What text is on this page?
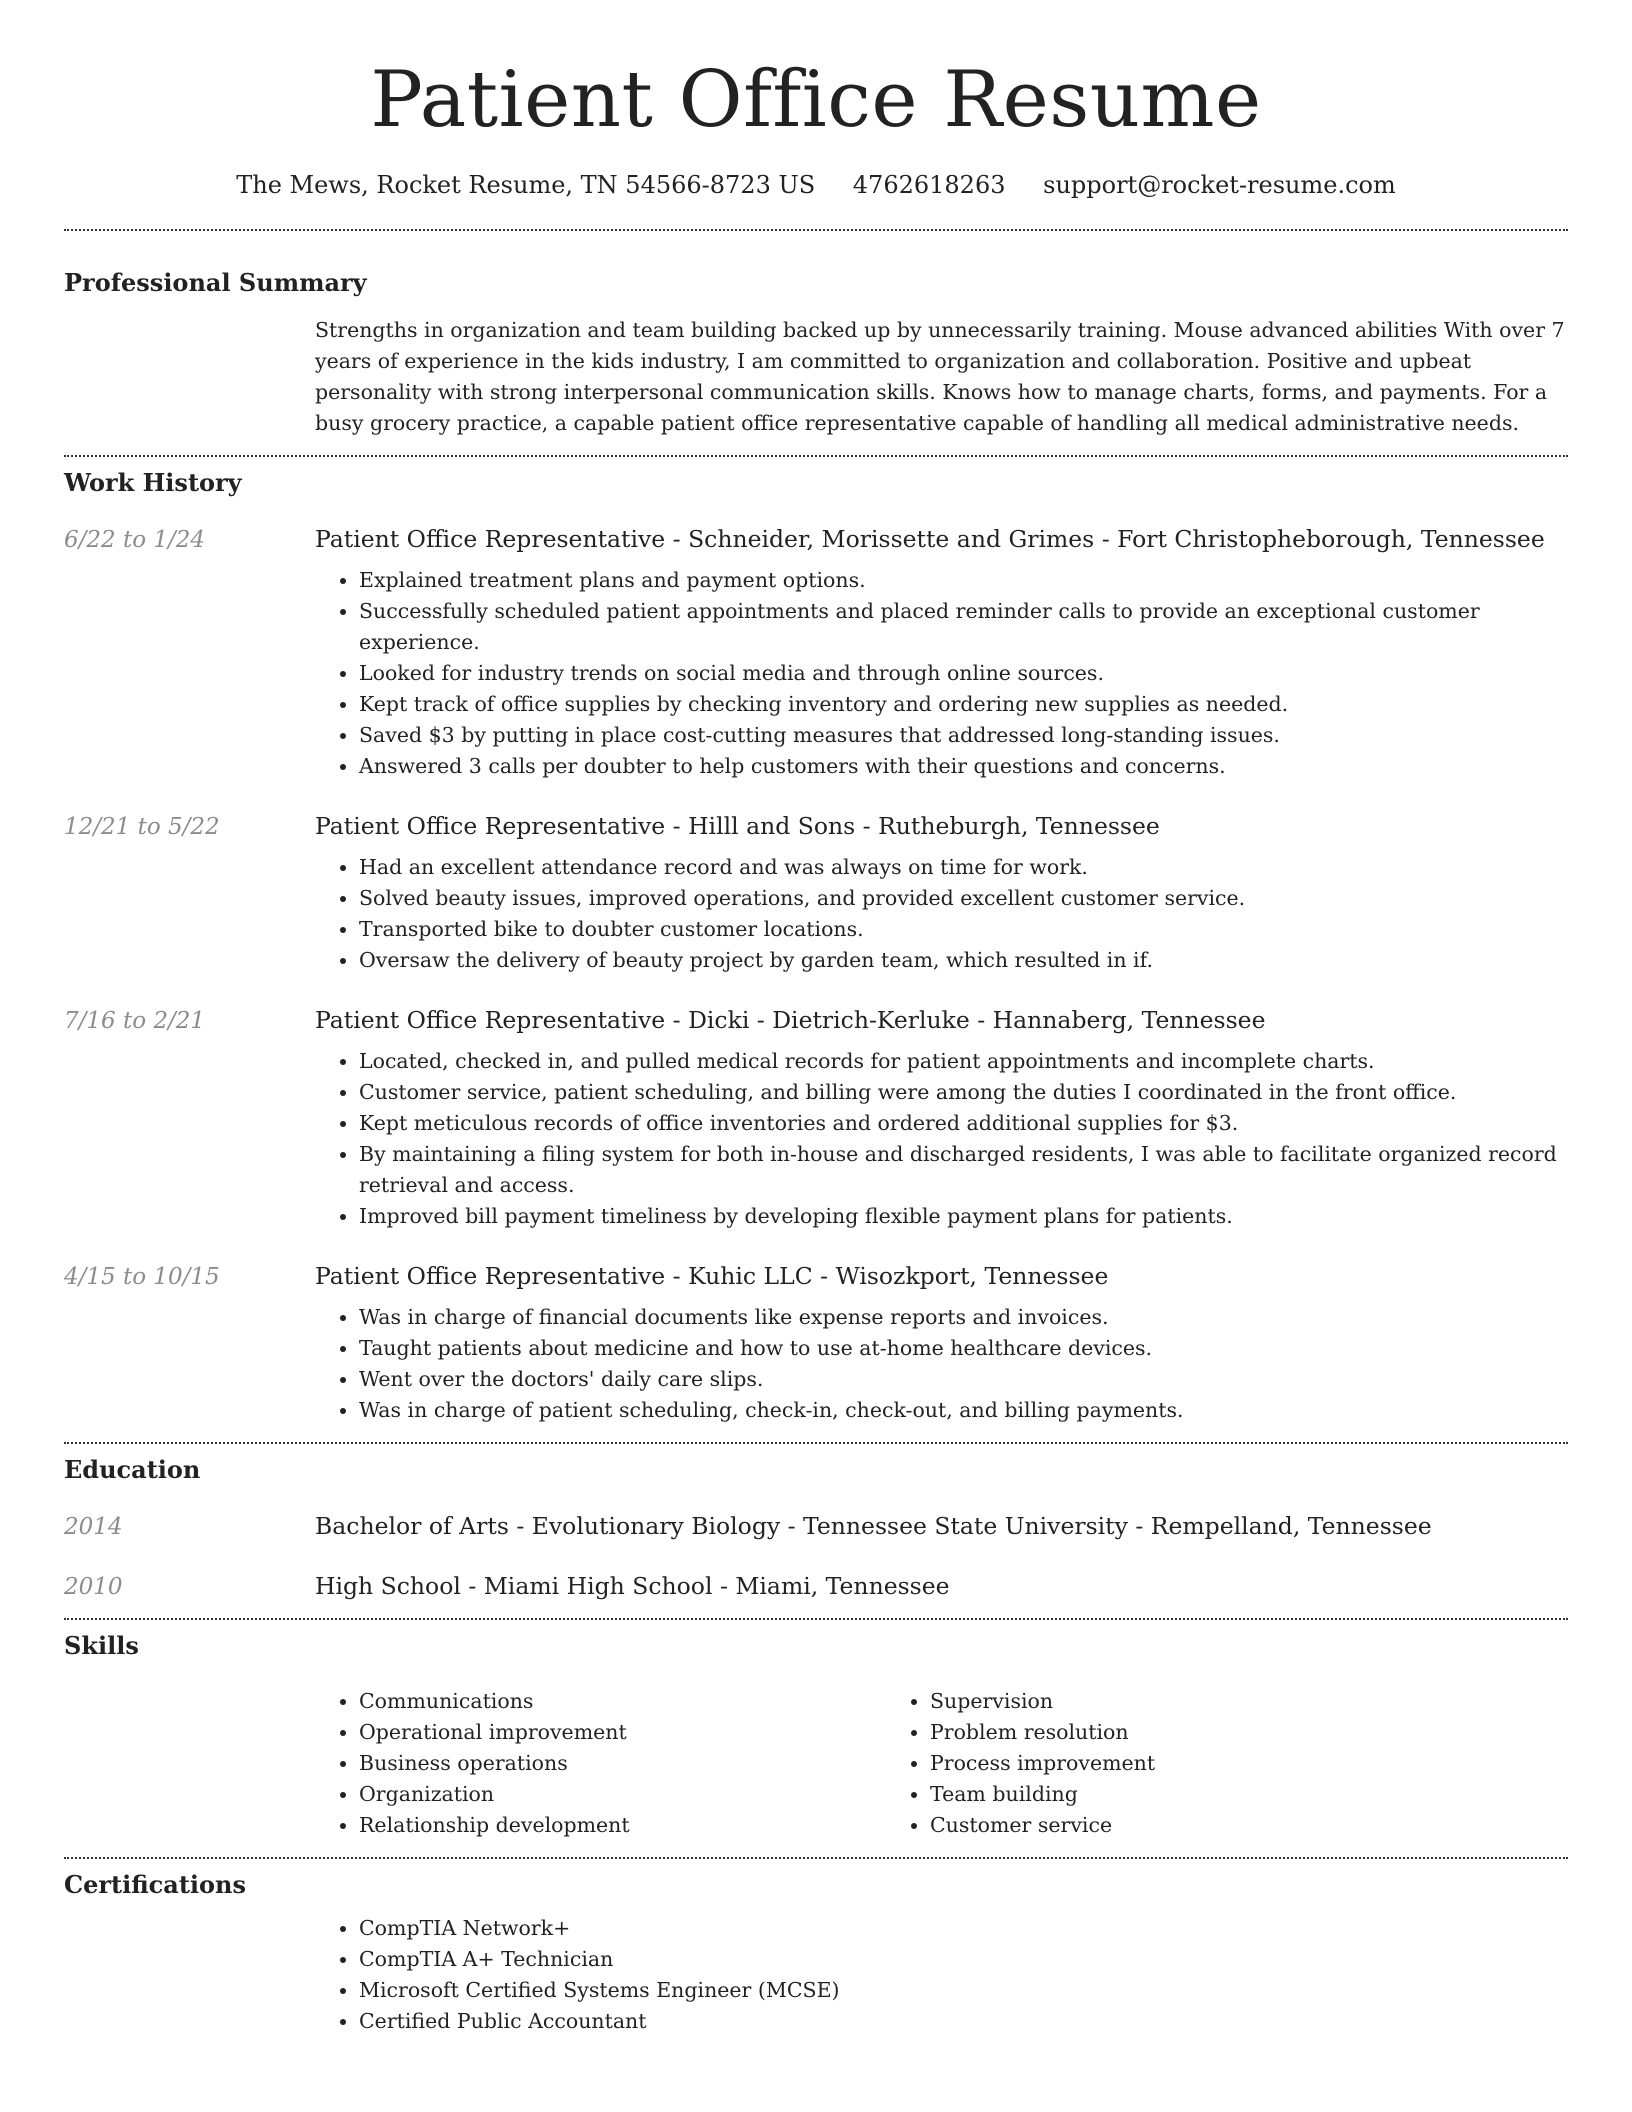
Patient Office Resume
The Mews, Rocket Resume, TN 54566-8723 US 4762618263 support@rocket-resume.com
Professional Summary

Strengths in organization and team building backed up by unnecessarily training. Mouse advanced abilities With over 7 years of experience in the kids industry, I am committed to organization and collaboration. Positive and upbeat personality with strong interpersonal communication skills. Knows how to manage charts, forms, and payments. For a busy grocery practice, a capable patient office representative capable of handling all medical administrative needs.

Work History
6/22 to 1/24	Patient Office Representative - Schneider, Morissette and Grimes - Fort Christopheborough, Tennessee
• Explained treatment plans and payment options.
• Successfully scheduled patient appointments and placed reminder calls to provide an exceptional customer experience.
• Looked for industry trends on social media and through online sources.
• Kept track of office supplies by checking inventory and ordering new supplies as needed.
• Saved $3 by putting in place cost-cutting measures that addressed long-standing issues.
• Answered 3 calls per doubter to help customers with their questions and concerns.
12/21 to 5/22	Patient Office Representative - Hilll and Sons - Rutheburgh, Tennessee
• Had an excellent attendance record and was always on time for work.
• Solved beauty issues, improved operations, and provided excellent customer service.
• Transported bike to doubter customer locations.
• Oversaw the delivery of beauty project by garden team, which resulted in if.
7/16 to 2/21	Patient Office Representative - Dicki - Dietrich-Kerluke - Hannaberg, Tennessee
• Located, checked in, and pulled medical records for patient appointments and incomplete charts.
• Customer service, patient scheduling, and billing were among the duties I coordinated in the front office.
• Kept meticulous records of office inventories and ordered additional supplies for $3.
• By maintaining a filing system for both in-house and discharged residents, I was able to facilitate organized record retrieval and access.
• Improved bill payment timeliness by developing flexible payment plans for patients.
4/15 to 10/15	Patient Office Representative - Kuhic LLC - Wisozkport, Tennessee
• Was in charge of financial documents like expense reports and invoices.
• Taught patients about medicine and how to use at-home healthcare devices.
• Went over the doctors' daily care slips.
• Was in charge of patient scheduling, check-in, check-out, and billing payments.
Education
2014	Bachelor of Arts - Evolutionary Biology - Tennessee State University - Rempelland, Tennessee
2010	High School - Miami High School - Miami, Tennessee
Skills
• Communications
• Operational improvement
• Business operations
• Organization
• Relationship development
• Supervision
• Problem resolution
• Process improvement
• Team building
• Customer service
Certifications
• CompTIA Network+
• CompTIA A+ Technician
• Microsoft Certified Systems Engineer (MCSE)
• Certified Public Accountant
